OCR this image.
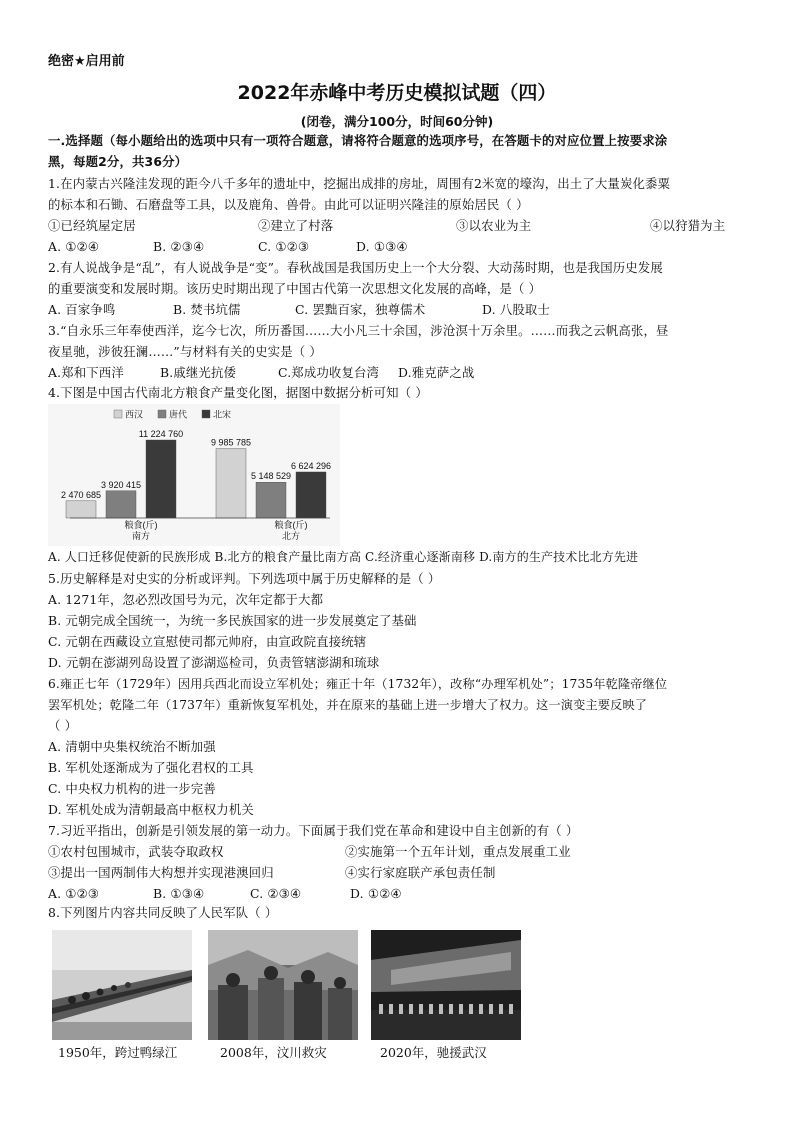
绝密★启用前
2022年赤峰中考历史模拟试题（四）
(闭卷，满分100分，时间60分钟)
一.选择题（每小题给出的选项中只有一项符合题意，请将符合题意的选项序号，在答题卡的对应位置上按要求涂
黑，每题2分，共36分）
1.在内蒙古兴隆洼发现的距今八千多年的遗址中，挖掘出成排的房址，周围有2米宽的壕沟，出土了大量炭化黍粟
的标本和石锄、石磨盘等工具，以及鹿角、兽骨。由此可以证明兴隆洼的原始居民（ ）
①已经筑屋定居	②建立了村落	③以农业为主	④以狩猎为主
A. ①②④	B. ②③④	C. ①②③	D. ①③④
2.有人说战争是“乱”，有人说战争是“变”。春秋战国是我国历史上一个大分裂、大动荡时期，也是我国历史发展
的重要演变和发展时期。该历史时期出现了中国古代第一次思想文化发展的高峰，是（ ）
A. 百家争鸣	B. 焚书坑儒	C. 罢黜百家，独尊儒术	D. 八股取士
3.“自永乐三年奉使西洋，迄今七次，所历番国……大小凡三十余国，涉沧溟十万余里。……而我之云帆高张，昼
夜星驰，涉彼狂澜……”与材料有关的史实是（ ）
A.郑和下西洋	B.戚继光抗倭	C.郑成功收复台湾 D.雅克萨之战
4.下图是中国古代南北方粮食产量变化图，据图中数据分析可知（ ）
西汉	唐代	北宋
2 470 685
3 920 415
11 224 760
粮食(斤)
南方
9 985 785
5 148 529
6 624 296
粮食(斤)
北方
A. 人口迁移促使新的民族形成 B.北方的粮食产量比南方高 C.经济重心逐渐南移 D.南方的生产技术比北方先进
5.历史解释是对史实的分析或评判。下列选项中属于历史解释的是（ ）
A. 1271年，忽必烈改国号为元，次年定都于大都
B. 元朝完成全国统一，为统一多民族国家的进一步发展奠定了基础
C. 元朝在西藏设立宣慰使司都元帅府，由宣政院直接统辖
D. 元朝在澎湖列岛设置了澎湖巡检司，负责管辖澎湖和琉球
6.雍正七年（1729年）因用兵西北而设立军机处；雍正十年（1732年），改称“办理军机处”；1735年乾隆帝继位
罢军机处；乾隆二年（1737年）重新恢复军机处，并在原来的基础上进一步增大了权力。这一演变主要反映了
（ ）
A. 清朝中央集权统治不断加强
B. 军机处逐渐成为了强化君权的工具
C. 中央权力机构的进一步完善
D. 军机处成为清朝最高中枢权力机关
7.习近平指出，创新是引领发展的第一动力。下面属于我们党在革命和建设中自主创新的有（ ）
①农村包围城市，武装夺取政权	②实施第一个五年计划，重点发展重工业
③提出一国两制伟大构想并实现港澳回归	④实行家庭联产承包责任制
A. ①②③	B. ①③④	C. ②③④	D. ①②④
8.下列图片内容共同反映了人民军队（ ）
1950年，跨过鸭绿江	2008年，汶川救灾	2020年，驰援武汉
